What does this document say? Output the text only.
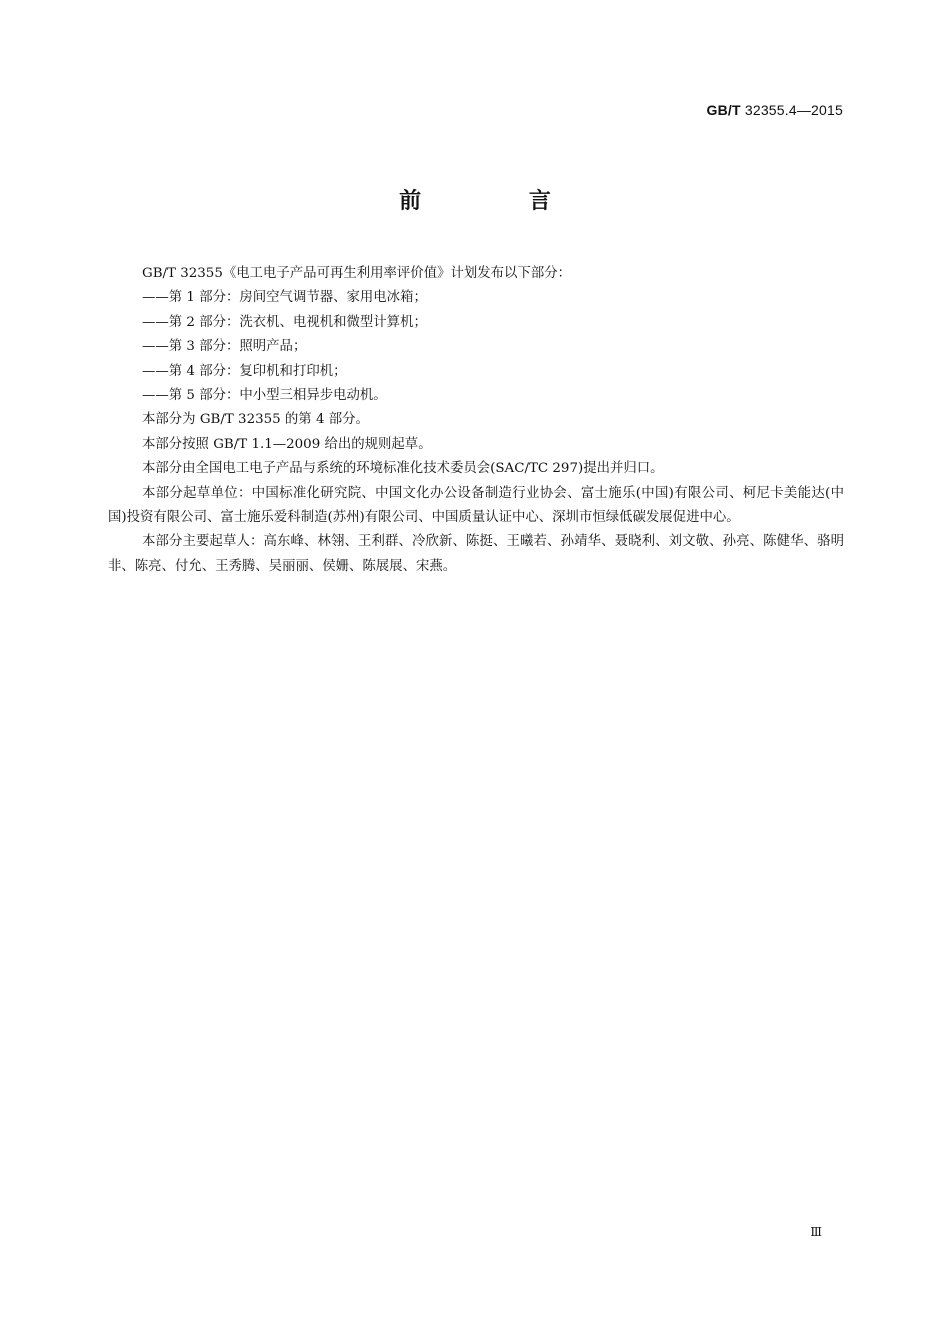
GB/T 32355.4—2015
前 言

GB/T 32355《电工电子产品可再生利用率评价值》计划发布以下部分：

——第 1 部分：房间空气调节器、家用电冰箱；

——第 2 部分：洗衣机、电视机和微型计算机；

——第 3 部分：照明产品；

——第 4 部分：复印机和打印机；

——第 5 部分：中小型三相异步电动机。

本部分为 GB/T 32355 的第 4 部分。

本部分按照 GB/T 1.1—2009 给出的规则起草。

本部分由全国电工电子产品与系统的环境标准化技术委员会(SAC/TC 297)提出并归口。

本部分起草单位：中国标准化研究院、中国文化办公设备制造行业协会、富士施乐(中国)有限公司、柯尼卡美能达(中国)投资有限公司、富士施乐爱科制造(苏州)有限公司、中国质量认证中心、深圳市恒绿低碳发展促进中心。

本部分主要起草人：高东峰、林翎、王利群、冷欣新、陈挺、王曦若、孙靖华、聂晓利、刘文敬、孙亮、陈健华、骆明非、陈亮、付允、王秀腾、吴丽丽、侯姗、陈展展、宋燕。

Ⅲ
